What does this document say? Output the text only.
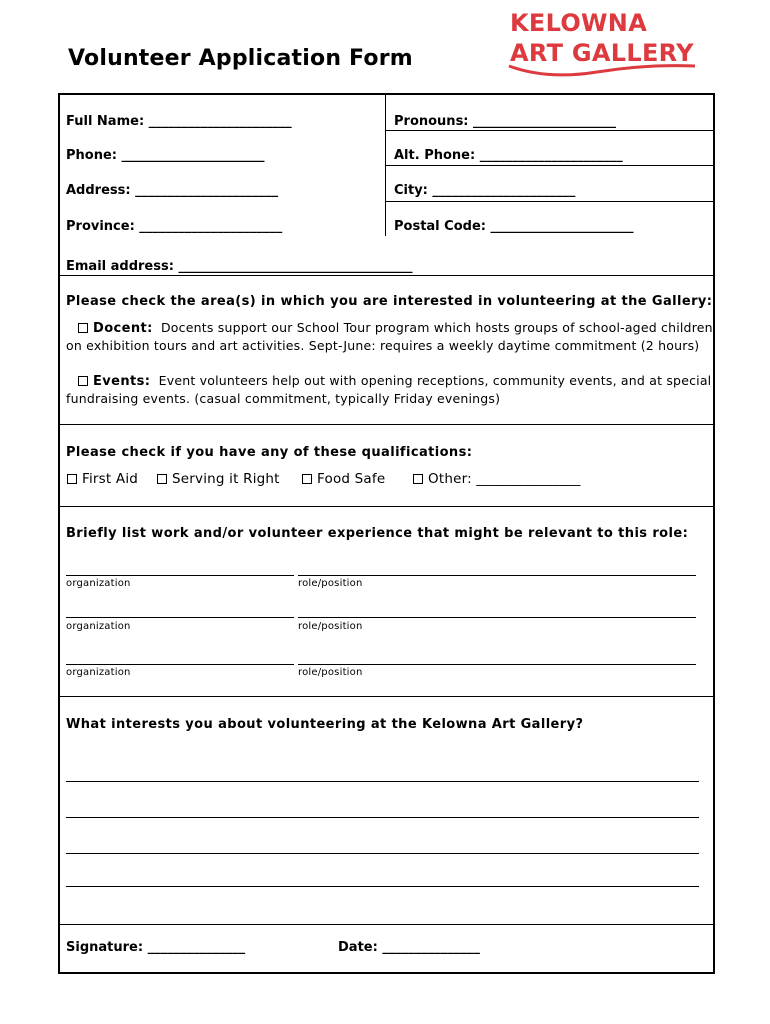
Volunteer Application Form
KELOWNA
ART GALLERY
Full Name: ______________________	Pronouns: ______________________
Phone: ______________________	Alt. Phone: ______________________
Address: ______________________	City: ______________________
Province: ______________________	Postal Code: ______________________
Email address: ____________________________________
Please check the area(s) in which you are interested in volunteering at the Gallery:
Docent: Docents support our School Tour program which hosts groups of school-aged children
on exhibition tours and art activities. Sept-June: requires a weekly daytime commitment (2 hours)
Events: Event volunteers help out with opening receptions, community events, and at special
fundraising events. (casual commitment, typically Friday evenings)
Please check if you have any of these qualifications:
First Aid	Serving it Right	Food Safe	Other: _______________
Briefly list work and/or volunteer experience that might be relevant to this role:
organization	role/position
organization	role/position
organization	role/position
What interests you about volunteering at the Kelowna Art Gallery?
Signature: _______________	Date: _______________
